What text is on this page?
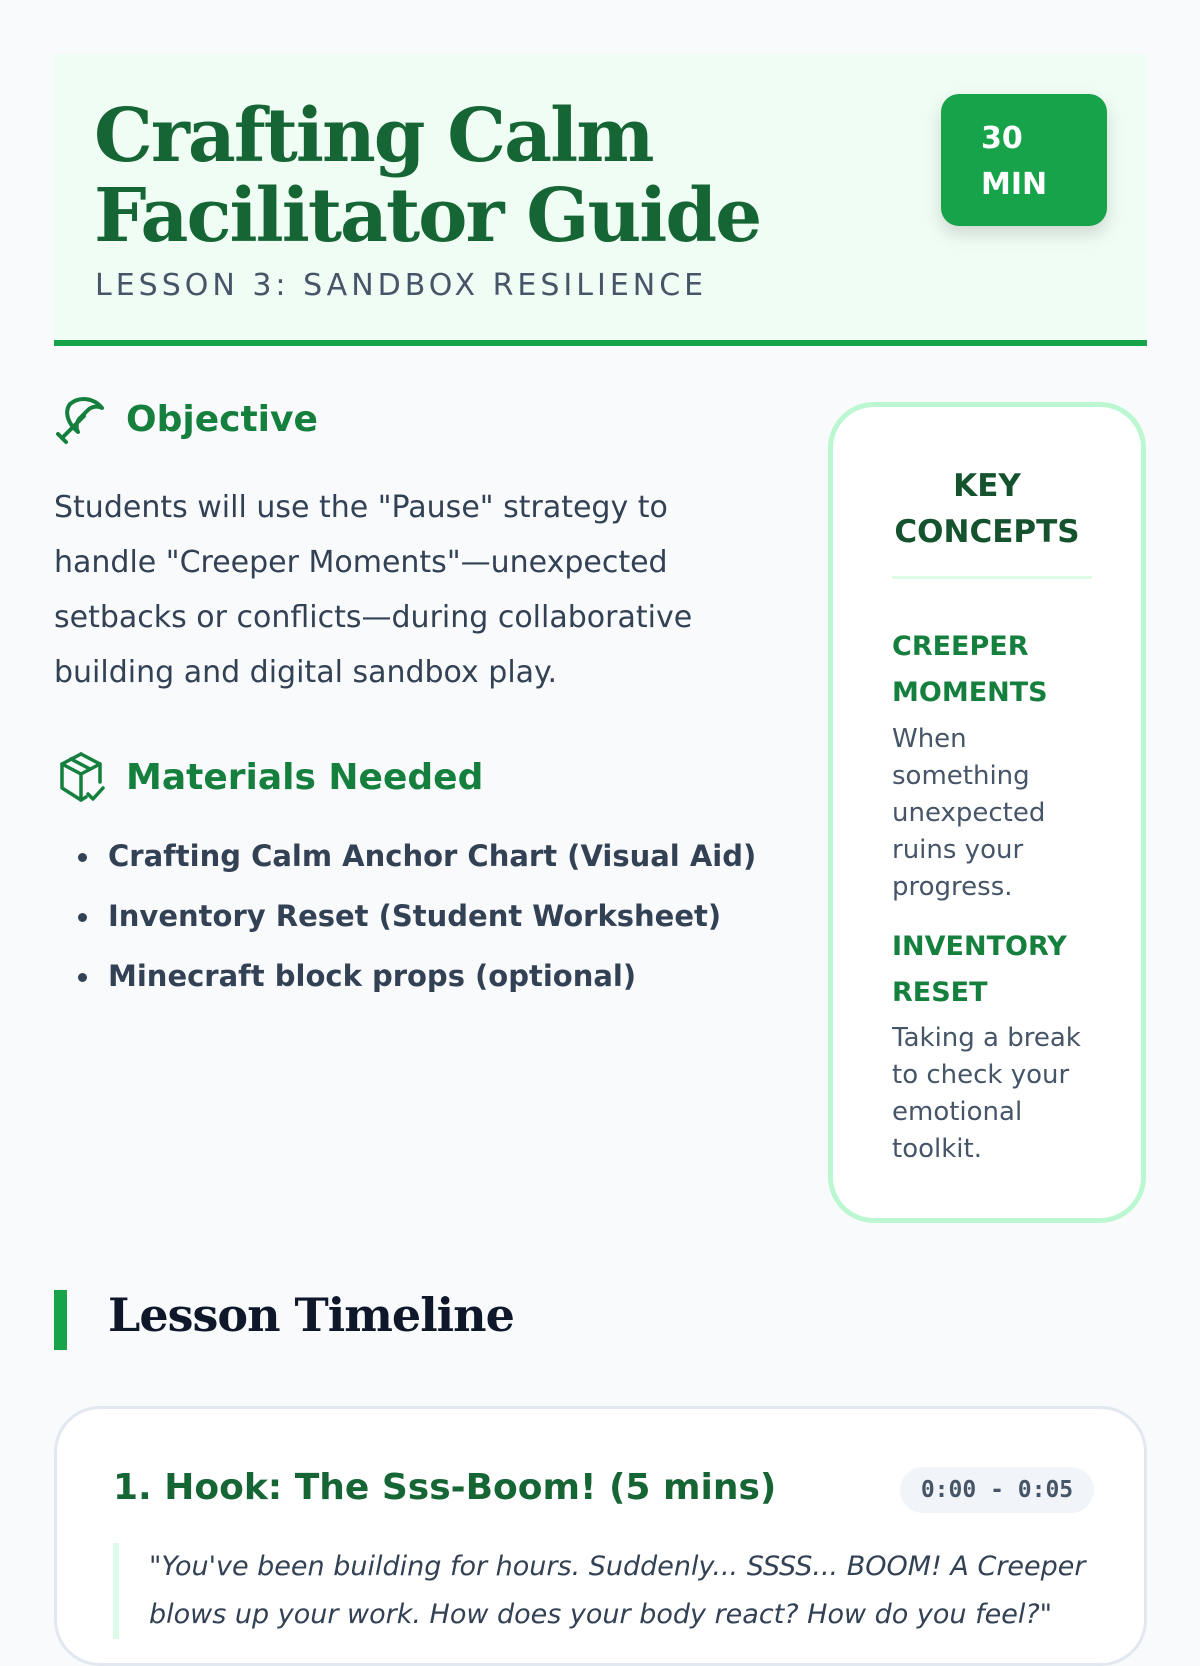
Crafting Calm
Facilitator Guide
LESSON 3: SANDBOX RESILIENCE
30
MIN
Objective
Students will use the "Pause" strategy to handle "Creeper Moments"—unexpected setbacks or conflicts—during collaborative building and digital sandbox play.
Materials Needed
Crafting Calm Anchor Chart (Visual Aid)
Inventory Reset (Student Worksheet)
Minecraft block props (optional)
KEY
CONCEPTS
CREEPER
MOMENTS
When something unexpected ruins your progress.
INVENTORY
RESET
Taking a break to check your emotional toolkit.
Lesson Timeline
1. Hook: The Sss-Boom! (5 mins)	0:00 - 0:05
"You've been building for hours. Suddenly... SSSS... BOOM! A Creeper blows up your work. How does your body react? How do you feel?"
